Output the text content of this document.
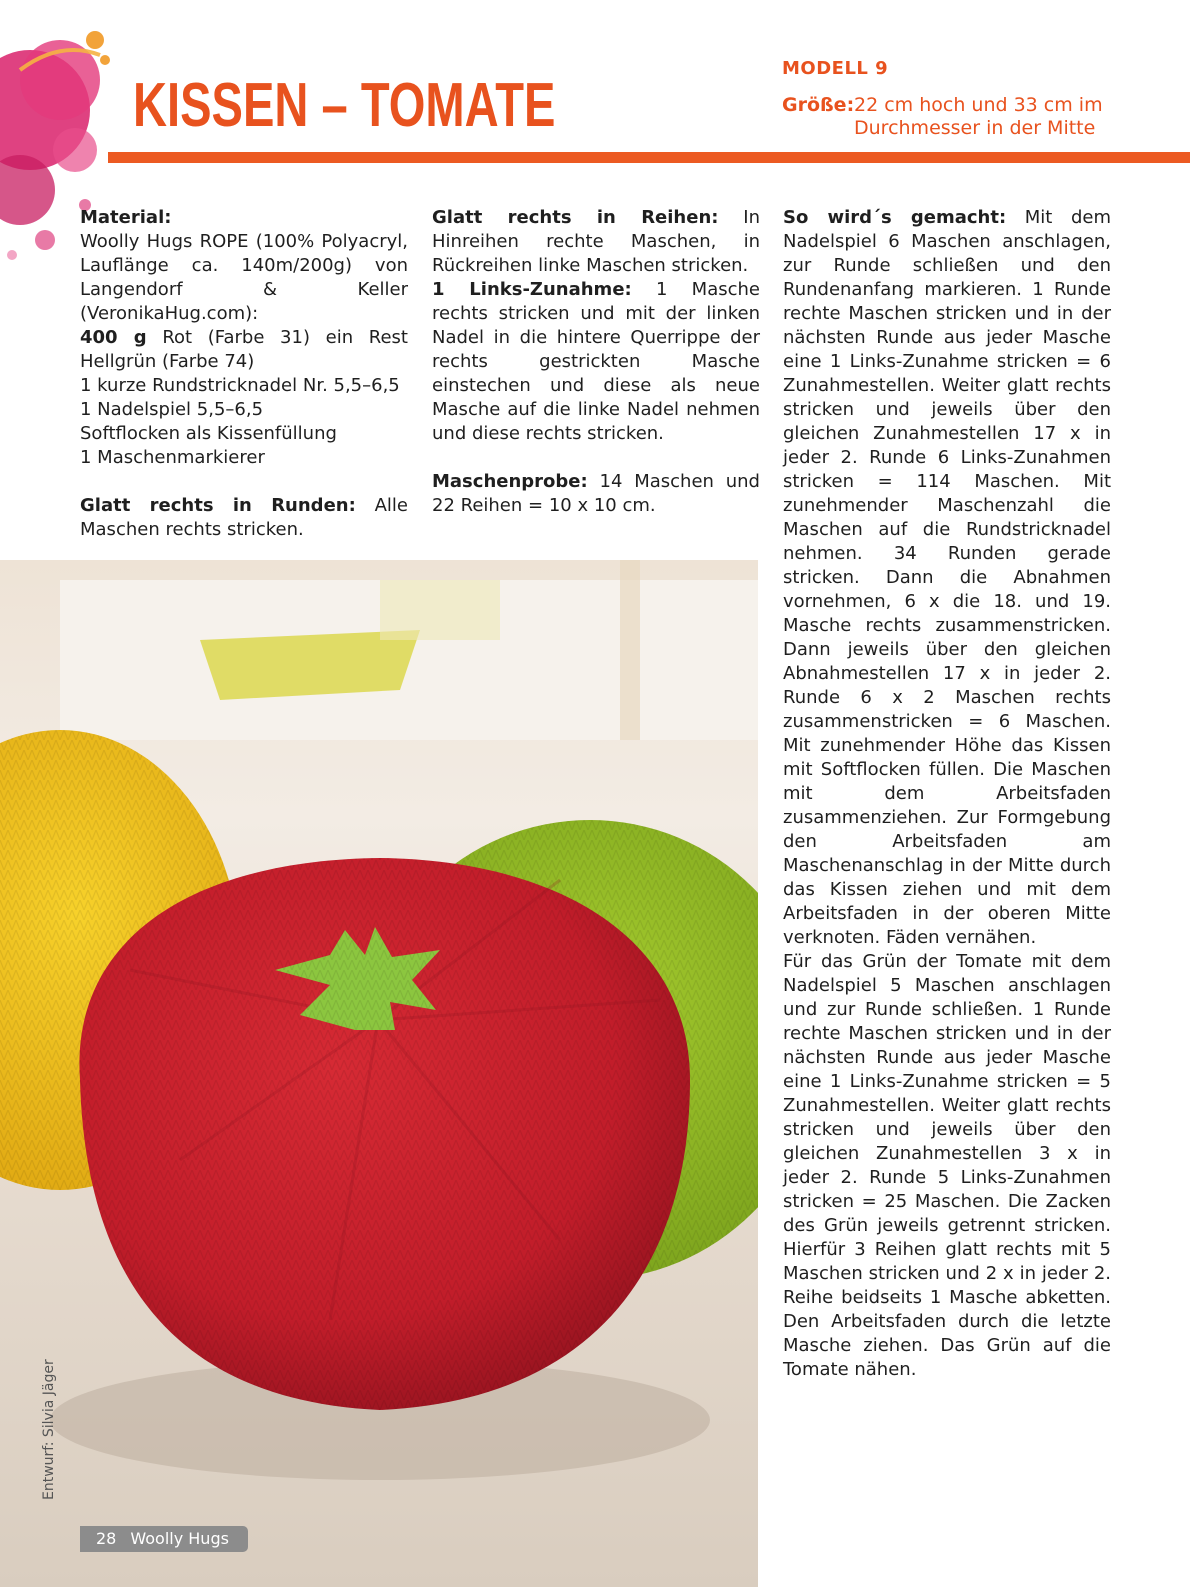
KISSEN – TOMATE
MODELL 9
Größe: 22 cm hoch und 33 cm im Durchmesser in der Mitte

Material:

Woolly Hugs ROPE (100% Polyacryl, Lauflänge ca. 140m/200g) von Langendorf & Keller (VeronikaHug.com):

400 g Rot (Farbe 31) ein Rest Hellgrün (Farbe 74)

1 kurze Rundstricknadel Nr. 5,5–6,5

1 Nadelspiel 5,5–6,5

Softflocken als Kissenfüllung

1 Maschenmarkierer

Glatt rechts in Runden: Alle Maschen rechts stricken.

Glatt rechts in Reihen: In Hinreihen rechte Maschen, in Rückreihen linke Maschen stricken.

1 Links-Zunahme: 1 Masche rechts stricken und mit der linken Nadel in die hintere Querrippe der rechts gestrickten Masche einstechen und diese als neue Masche auf die linke Nadel nehmen und diese rechts stricken.

Maschenprobe: 14 Maschen und 22 Reihen = 10 x 10 cm.

So wird´s gemacht: Mit dem Nadelspiel 6 Maschen anschlagen, zur Runde schließen und den Rundenanfang markieren. 1 Runde rechte Maschen stricken und in der nächsten Runde aus jeder Masche eine 1 Links-Zunahme stricken = 6 Zunahmestellen. Weiter glatt rechts stricken und jeweils über den gleichen Zunahmestellen 17 x in jeder 2. Runde 6 Links-Zunahmen stricken = 114 Maschen. Mit zunehmender Maschenzahl die Maschen auf die Rundstricknadel nehmen. 34 Runden gerade stricken. Dann die Abnahmen vornehmen, 6 x die 18. und 19. Masche rechts zusammenstricken. Dann jeweils über den gleichen Abnahmestellen 17 x in jeder 2. Runde 6 x 2 Maschen rechts zusammenstricken = 6 Maschen. Mit zunehmender Höhe das Kissen mit Softflocken füllen. Die Maschen mit dem Arbeitsfaden zusammenziehen. Zur Formgebung den Arbeitsfaden am Maschenanschlag in der Mitte durch das Kissen ziehen und mit dem Arbeitsfaden in der oberen Mitte verknoten. Fäden vernähen.

Für das Grün der Tomate mit dem Nadelspiel 5 Maschen anschlagen und zur Runde schließen. 1 Runde rechte Maschen stricken und in der nächsten Runde aus jeder Masche eine 1 Links-Zunahme stricken = 5 Zunahmestellen. Weiter glatt rechts stricken und jeweils über den gleichen Zunahmestellen 3 x in jeder 2. Runde 5 Links-Zunahmen stricken = 25 Maschen. Die Zacken des Grün jeweils getrennt stricken. Hierfür 3 Reihen glatt rechts mit 5 Maschen stricken und 2 x in jeder 2. Reihe beidseits 1 Masche abketten. Den Arbeitsfaden durch die letzte Masche ziehen. Das Grün auf die Tomate nähen.

Entwurf: Silvia Jäger
28 Woolly Hugs
